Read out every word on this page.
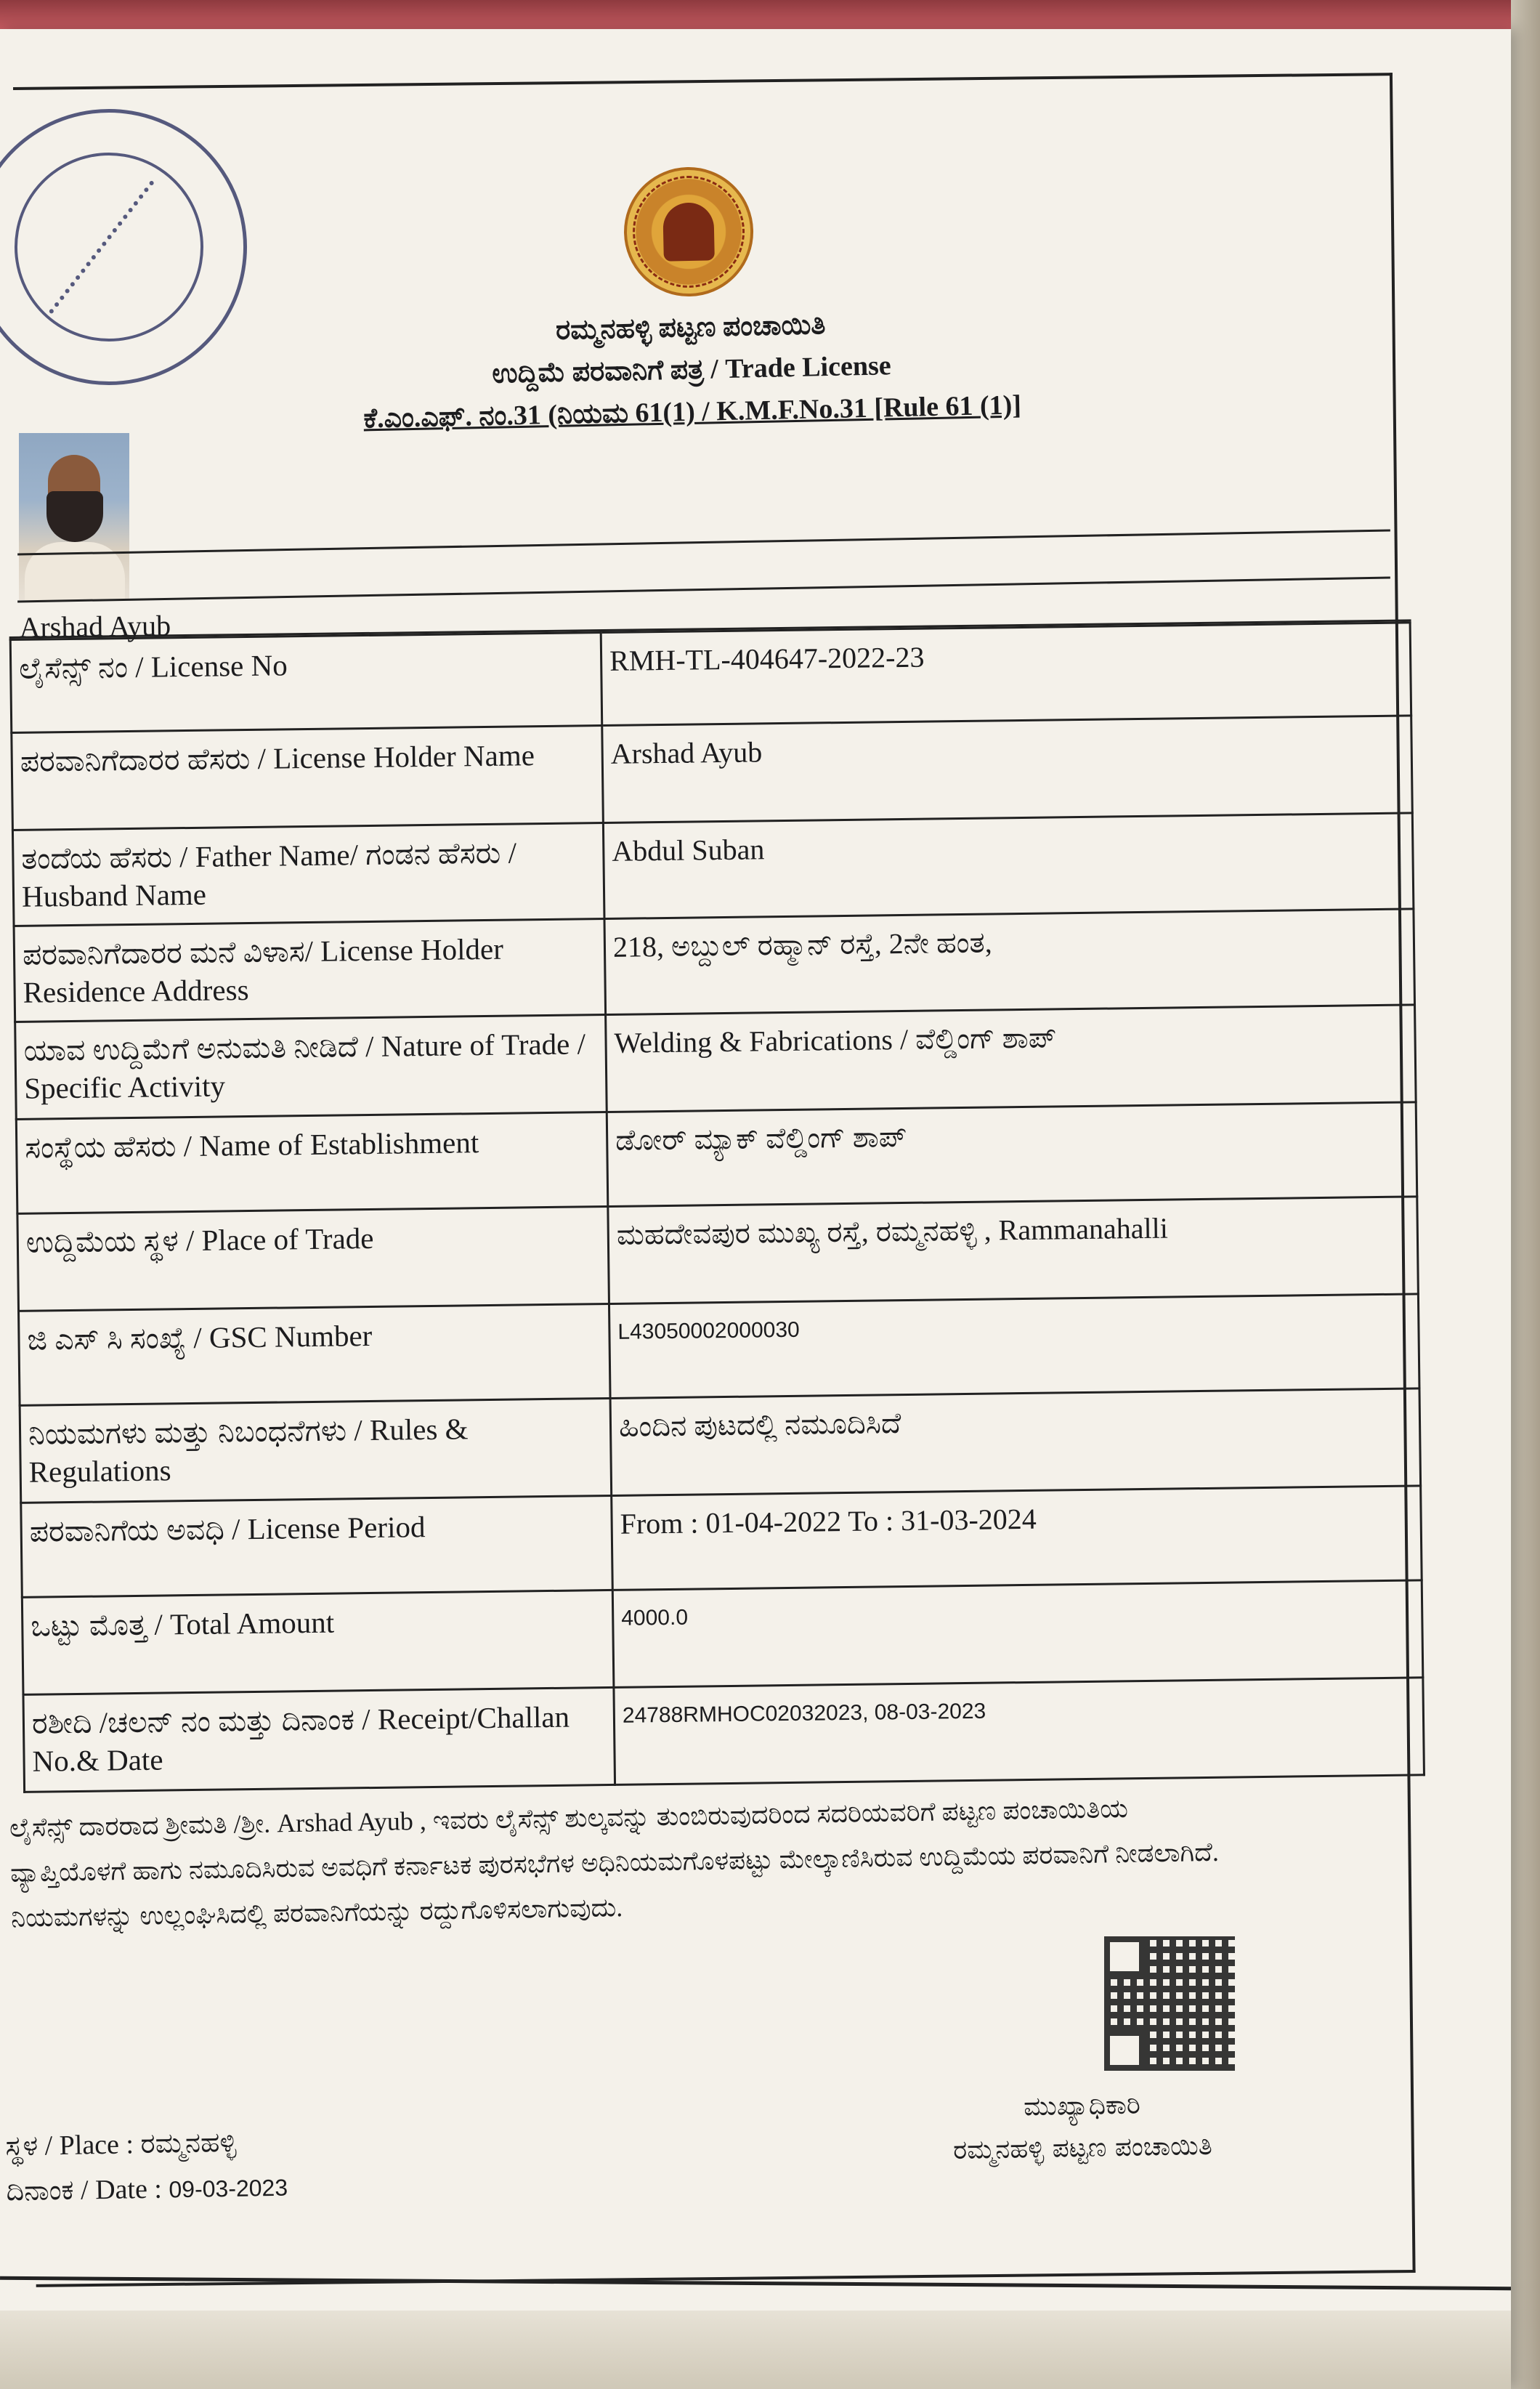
ರಮ್ಮನಹಳ್ಳಿ ಪಟ್ಟಣ ಪಂಚಾಯಿತಿ
ಉದ್ದಿಮೆ ಪರವಾನಿಗೆ ಪತ್ರ / Trade License
ಕೆ.ಎಂ.ಎಫ್. ನಂ.31 (ನಿಯಮ 61(1) / K.M.F.No.31 [Rule 61 (1)]
Arshad Ayub
ಲೈಸೆನ್ಸ್ ನಂ / License No	RMH-TL-404647-2022-23
ಪರವಾನಿಗೆದಾರರ ಹೆಸರು / License Holder Name	Arshad Ayub
ತಂದೆಯ ಹೆಸರು / Father Name/ ಗಂಡನ ಹೆಸರು / Husband Name	Abdul Suban
ಪರವಾನಿಗೆದಾರರ ಮನೆ ವಿಳಾಸ/ License Holder Residence Address	218, ಅಬ್ದುಲ್ ರಹ್ಮಾನ್ ರಸ್ತೆ, 2ನೇ ಹಂತ,
ಯಾವ ಉದ್ದಿಮೆಗೆ ಅನುಮತಿ ನೀಡಿದೆ / Nature of Trade / Specific Activity	Welding & Fabrications / ವೆಲ್ಡಿಂಗ್ ಶಾಪ್
ಸಂಸ್ಥೆಯ ಹೆಸರು / Name of Establishment	ಡೋರ್ ಮ್ಯಾಕ್ ವೆಲ್ಡಿಂಗ್ ಶಾಪ್
ಉದ್ದಿಮೆಯ ಸ್ಥಳ / Place of Trade	ಮಹದೇವಪುರ ಮುಖ್ಯ ರಸ್ತೆ, ರಮ್ಮನಹಳ್ಳಿ , Rammanahalli
ಜಿ ಎಸ್ ಸಿ ಸಂಖ್ಯೆ / GSC Number	L43050002000030
ನಿಯಮಗಳು ಮತ್ತು ನಿಬಂಧನೆಗಳು / Rules & Regulations	ಹಿಂದಿನ ಪುಟದಲ್ಲಿ ನಮೂದಿಸಿದೆ
ಪರವಾನಿಗೆಯ ಅವಧಿ / License Period	From : 01-04-2022 To : 31-03-2024
ಒಟ್ಟು ಮೊತ್ತ / Total Amount	4000.0
ರಶೀದಿ /ಚಲನ್ ನಂ ಮತ್ತು ದಿನಾಂಕ / Receipt/Challan No.& Date	24788RMHOC02032023, 08-03-2023
ಲೈಸೆನ್ಸ್ ದಾರರಾದ ಶ್ರೀಮತಿ /ಶ್ರೀ. Arshad Ayub , ಇವರು ಲೈಸೆನ್ಸ್ ಶುಲ್ಕವನ್ನು ತುಂಬಿರುವುದರಿಂದ ಸದರಿಯವರಿಗೆ ಪಟ್ಟಣ ಪಂಚಾಯಿತಿಯ ವ್ಯಾಪ್ತಿಯೊಳಗೆ ಹಾಗು ನಮೂದಿಸಿರುವ ಅವಧಿಗೆ ಕರ್ನಾಟಕ ಪುರಸಭೆಗಳ ಅಧಿನಿಯಮಗೊಳಪಟ್ಟು ಮೇಲ್ಕಾಣಿಸಿರುವ ಉದ್ದಿಮೆಯ ಪರವಾನಿಗೆ ನೀಡಲಾಗಿದೆ. ನಿಯಮಗಳನ್ನು ಉಲ್ಲಂಘಿಸಿದಲ್ಲಿ ಪರವಾನಿಗೆಯನ್ನು ರದ್ದುಗೊಳಿಸಲಾಗುವುದು.
ಮುಖ್ಯಾಧಿಕಾರಿ
ರಮ್ಮನಹಳ್ಳಿ ಪಟ್ಟಣ ಪಂಚಾಯಿತಿ
ಸ್ಥಳ / Place : ರಮ್ಮನಹಳ್ಳಿ
ದಿನಾಂಕ / Date : 09-03-2023
